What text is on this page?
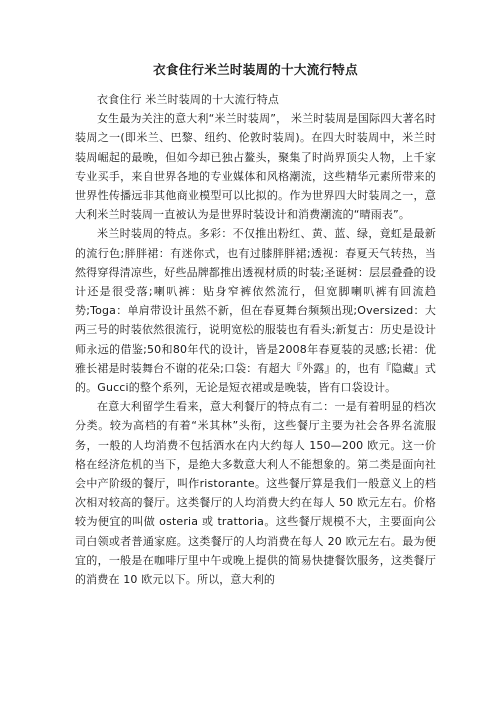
衣食住行米兰时装周的十大流行特点

衣食住行 米兰时装周的十大流行特点

女生最为关注的意大利“米兰时装周”， 米兰时装周是国际四大著名时装周之一(即米兰、巴黎、纽约、伦敦时装周)。在四大时装周中，米兰时装周崛起的最晚，但如今却已独占鳌头，聚集了时尚界顶尖人物，上千家专业买手，来自世界各地的专业媒体和风格潮流，这些精华元素所带来的世界性传播远非其他商业模型可以比拟的。作为世界四大时装周之一，意大利米兰时装周一直被认为是世界时装设计和消费潮流的“晴雨表”。

米兰时装周的特点。多彩：不仅推出粉红、黄、蓝、绿，竟虹是最新的流行色;胖胖裙：有迷你式，也有过膝胖胖裙;透视：春夏天气转热，当然得穿得清凉些，好些品牌都推出透视材质的时装;圣诞树：层层叠叠的设计还是很受落;喇叭裤：贴身窄裤依然流行，但宽脚喇叭裤有回流趋势;Toga：单肩带设计虽然不新，但在春夏舞台频频出现;Oversized：大两三号的时装依然很流行，说明宽松的服装也有看头;新复古：历史是设计师永远的借鉴;50和80年代的设计，皆是2008年春夏装的灵感;长裙：优雅长裙是时装舞台不谢的花朵;口袋：有超大『外露』的，也有『隐藏』式的。Gucci的整个系列，无论是短衣裙或是晚装，皆有口袋设计。

在意大利留学生看来，意大利餐厅的特点有二：一是有着明显的档次分类。较为高档的有着“米其林”头衔，这些餐厅主要为社会各界名流服务，一般的人均消费不包括酒水在内大约每人 150—200 欧元。这一价格在经济危机的当下，是绝大多数意大利人不能想象的。第二类是面向社会中产阶级的餐厅，叫作ristorante。这些餐厅算是我们一般意义上的档次相对较高的餐厅。这类餐厅的人均消费大约在每人 50 欧元左右。价格较为便宜的叫做 osteria 或 trattoria。这些餐厅规模不大，主要面向公司白领或者普通家庭。这类餐厅的人均消费在每人 20 欧元左右。最为便宜的，一般是在咖啡厅里中午或晚上提供的简易快捷餐饮服务，这类餐厅的消费在 10 欧元以下。所以，意大利的
